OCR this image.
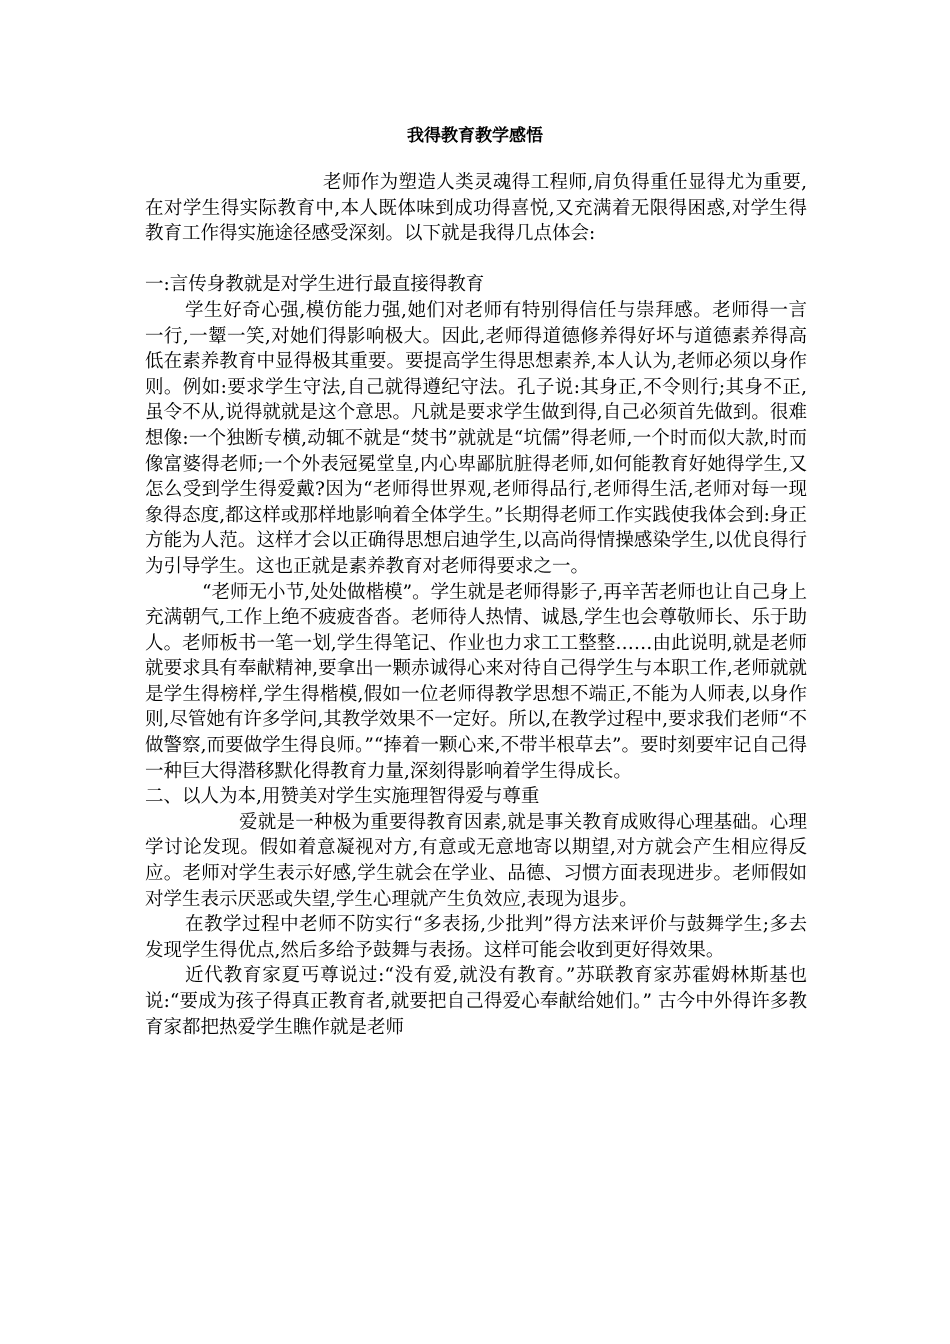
我得教育教学感悟

老师作为塑造人类灵魂得工程师,肩负得重任显得尤为重要,在对学生得实际教育中,本人既体味到成功得喜悦,又充满着无限得困惑,对学生得教育工作得实施途径感受深刻。以下就是我得几点体会:

一:言传身教就是对学生进行最直接得教育

学生好奇心强,模仿能力强,她们对老师有特别得信任与崇拜感。老师得一言一行,一颦一笑,对她们得影响极大。因此,老师得道德修养得好坏与道德素养得高低在素养教育中显得极其重要。要提高学生得思想素养,本人认为,老师必须以身作则。例如:要求学生守法,自己就得遵纪守法。孔子说:其身正,不令则行;其身不正,虽令不从,说得就就是这个意思。凡就是要求学生做到得,自己必须首先做到。很难想像:一个独断专横,动辄不就是“焚书”就就是“坑儒”得老师,一个时而似大款,时而像富婆得老师;一个外表冠冕堂皇,内心卑鄙肮脏得老师,如何能教育好她得学生,又怎么受到学生得爱戴?因为“老师得世界观,老师得品行,老师得生活,老师对每一现象得态度,都这样或那样地影响着全体学生。”长期得老师工作实践使我体会到:身正方能为人范。这样才会以正确得思想启迪学生,以高尚得情操感染学生,以优良得行为引导学生。这也正就是素养教育对老师得要求之一。

“老师无小节,处处做楷模”。学生就是老师得影子,再辛苦老师也让自己身上充满朝气,工作上绝不疲疲沓沓。老师待人热情、诚恳,学生也会尊敬师长、乐于助人。老师板书一笔一划,学生得笔记、作业也力求工工整整……由此说明,就是老师就要求具有奉献精神,要拿出一颗赤诚得心来对待自己得学生与本职工作,老师就就是学生得榜样,学生得楷模,假如一位老师得教学思想不端正,不能为人师表,以身作则,尽管她有许多学问,其教学效果不一定好。所以,在教学过程中,要求我们老师“不做警察,而要做学生得良师。”“捧着一颗心来,不带半根草去”。要时刻要牢记自己得一种巨大得潜移默化得教育力量,深刻得影响着学生得成长。

二、以人为本,用赞美对学生实施理智得爱与尊重

爱就是一种极为重要得教育因素,就是事关教育成败得心理基础。心理学讨论发现。假如着意凝视对方,有意或无意地寄以期望,对方就会产生相应得反应。老师对学生表示好感,学生就会在学业、品德、习惯方面表现进步。老师假如对学生表示厌恶或失望,学生心理就产生负效应,表现为退步。

在教学过程中老师不防实行“多表扬,少批判”得方法来评价与鼓舞学生;多去发现学生得优点,然后多给予鼓舞与表扬。这样可能会收到更好得效果。

近代教育家夏丐尊说过:“没有爱,就没有教育。”苏联教育家苏霍姆林斯基也说:“要成为孩子得真正教育者,就要把自己得爱心奉献给她们。” 古今中外得许多教育家都把热爱学生瞧作就是老师
